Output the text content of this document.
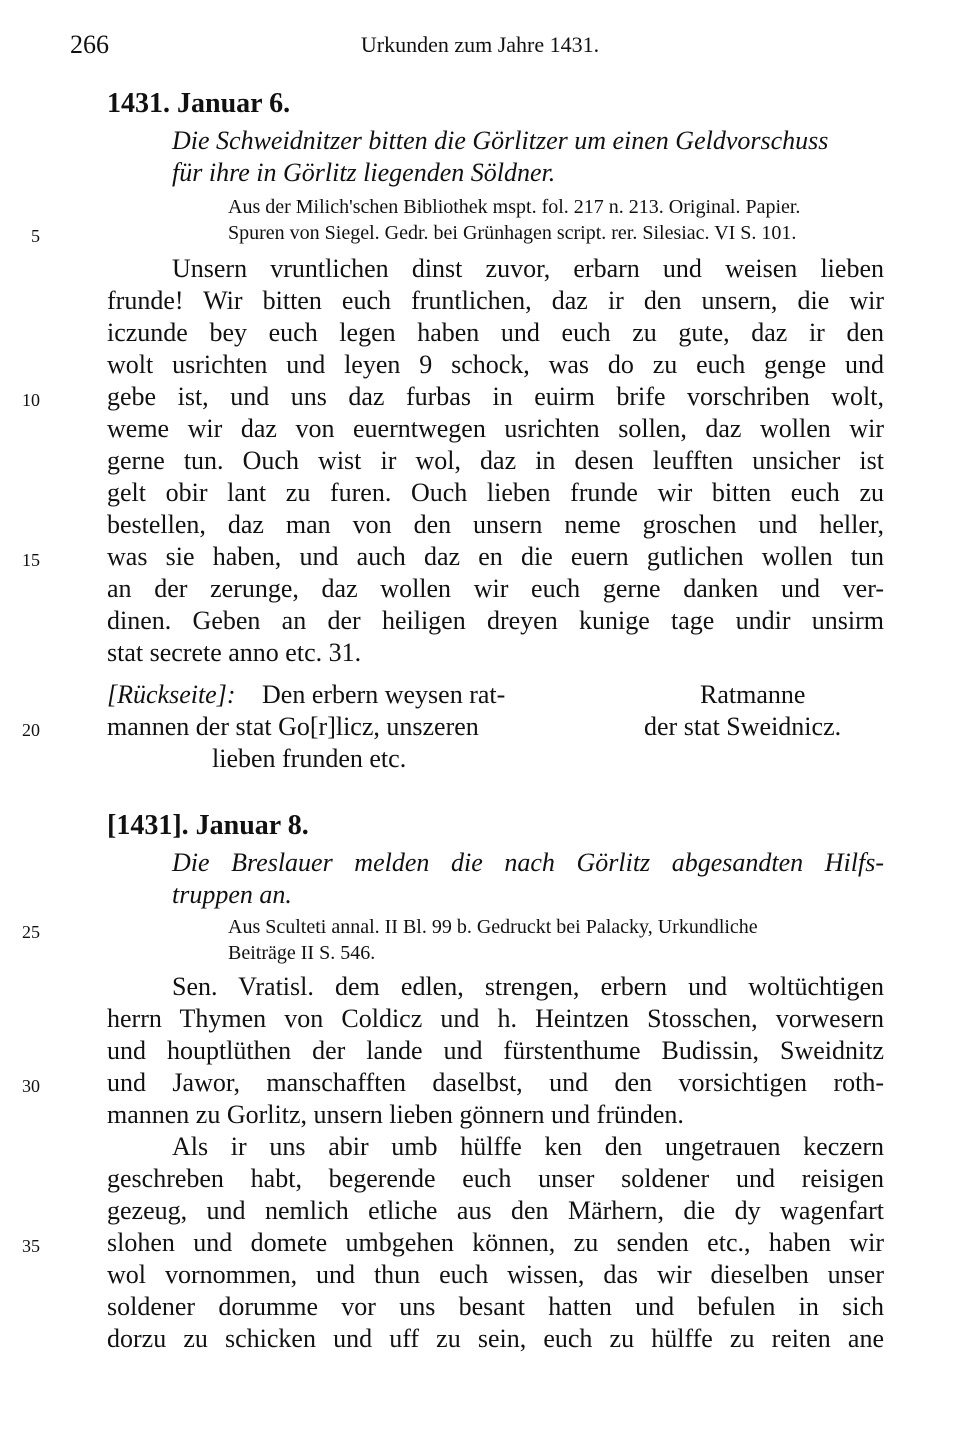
266	Urkunden zum Jahre 1431.
1431. Januar 6.
Die Schweidnitzer bitten die Görlitzer um einen Geldvorschuss
für ihre in Görlitz liegenden Söldner.
Aus der Milich'schen Bibliothek mspt. fol. 217 n. 213. Original. Papier.
Spuren von Siegel. Gedr. bei Grünhagen script. rer. Silesiac. VI S. 101.
5
Unsern vruntlichen dinst zuvor, erbarn und weisen lieben
frunde! Wir bitten euch fruntlichen, daz ir den unsern, die wir
iczunde bey euch legen haben und euch zu gute, daz ir den
wolt usrichten und leyen 9 schock, was do zu euch genge und
gebe ist, und uns daz furbas in euirm brife vorschriben wolt,
weme wir daz von euerntwegen usrichten sollen, daz wollen wir
gerne tun. Ouch wist ir wol, daz in desen leufften unsicher ist
gelt obir lant zu furen. Ouch lieben frunde wir bitten euch zu
bestellen, daz man von den unsern neme groschen und heller,
was sie haben, und auch daz en die euern gutlichen wollen tun
an der zerunge, daz wollen wir euch gerne danken und ver-
dinen. Geben an der heiligen dreyen kunige tage undir unsirm
stat secrete anno etc. 31.
10
15
[Rückseite]: Den erbern weysen rat-
mannen der stat Go[r]licz, unszeren
lieben frunden etc.
Ratmanne
der stat Sweidnicz.
20
[1431]. Januar 8.
Die Breslauer melden die nach Görlitz abgesandten Hilfs-
truppen an.
Aus Sculteti annal. II Bl. 99 b. Gedruckt bei Palacky, Urkundliche
Beiträge II S. 546.
25
Sen. Vratisl. dem edlen, strengen, erbern und woltüchtigen
herrn Thymen von Coldicz und h. Heintzen Stosschen, vorwesern
und houptlüthen der lande und fürstenthume Budissin, Sweidnitz
und Jawor, manschafften daselbst, und den vorsichtigen roth-
mannen zu Gorlitz, unsern lieben gönnern und fründen.
Als ir uns abir umb hülffe ken den ungetrauen keczern
geschreben habt, begerende euch unser soldener und reisigen
gezeug, und nemlich etliche aus den Märhern, die dy wagenfart
slohen und domete umbgehen können, zu senden etc., haben wir
wol vornommen, und thun euch wissen, das wir dieselben unser
soldener dorumme vor uns besant hatten und befulen in sich
dorzu zu schicken und uff zu sein, euch zu hülffe zu reiten ane
30
35
